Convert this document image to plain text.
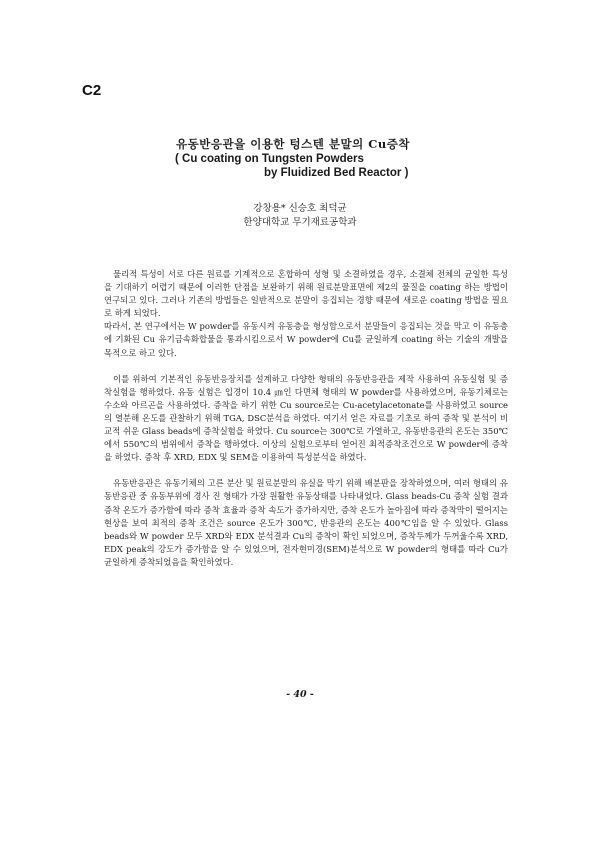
C2
유동반응관을 이용한 텅스텐 분말의 Cu증착
( Cu coating on Tungsten Powders
by Fluidized Bed Reactor )
강창용* 신승호 최덕균
한양대학교 무기재료공학과

물리적 특성이 서로 다른 원료를 기계적으로 혼합하여 성형 및 소결하였을 경우, 소결체 전체의 균일한 특성을 기대하기 어렵기 때문에 이러한 단점을 보완하기 위해 원료분말표면에 제2의 물질을 coating 하는 방법이 연구되고 있다. 그러나 기존의 방법들은 일반적으로 분말이 응집되는 경향 때문에 새로운 coating 방법을 필요로 하게 되었다.

따라서, 본 연구에서는 W powder를 유동시켜 유동층을 형성함으로서 분말들이 응집되는 것을 막고 이 유동층에 기화된 Cu 유기금속화합물을 통과시킴으로서 W powder에 Cu를 균일하게 coating 하는 기술의 개발을 목적으로 하고 있다.

이를 위하여 기본적인 유동반응장치를 설계하고 다양한 형태의 유동반응관을 제작 사용하여 유동실험 및 증착실험을 행하였다. 유동 실험은 입경이 10.4 ㎛인 다면체 형태의 W powder를 사용하였으며, 유동기체로는 수소와 아르곤을 사용하였다. 증착을 하기 위한 Cu source로는 Cu-acetylacetonate를 사용하였고 source의 열분해 온도를 관찰하기 위해 TGA, DSC분석을 하였다. 여기서 얻은 자료를 기초로 하여 증착 및 분석이 비교적 쉬운 Glass beads에 증착실험을 하였다. Cu source는 300℃로 가열하고, 유동반응관의 온도는 350℃에서 550℃의 범위에서 증착을 행하였다. 이상의 실험으로부터 얻어진 최적증착조건으로 W powder에 증착을 하였다. 증착 후 XRD, EDX 및 SEM을 이용하여 특성분석을 하였다.

유동반응관은 유동기체의 고른 분산 및 원료분말의 유실을 막기 위해 배분판을 장착하였으며, 여러 형태의 유동반응관 중 유동부위에 경사 진 형태가 가장 원활한 유동상태를 나타내었다. Glass beads-Cu 증착 실험 결과 증착 온도가 증가함에 따라 증착 효율과 증착 속도가 증가하지만, 증착 온도가 높아짐에 따라 증착막이 떨어지는 현상을 보여 최적의 증착 조건은 source 온도가 300℃, 반응관의 온도는 400℃임을 알 수 있었다. Glass beads와 W powder 모두 XRD와 EDX 분석결과 Cu의 증착이 확인 되었으며, 증착두께가 두꺼울수록 XRD, EDX peak의 강도가 증가함을 알 수 있었으며, 전자현미경(SEM)분석으로 W powder의 형태를 따라 Cu가 균일하게 증착되었음을 확인하였다.

- 40 -
